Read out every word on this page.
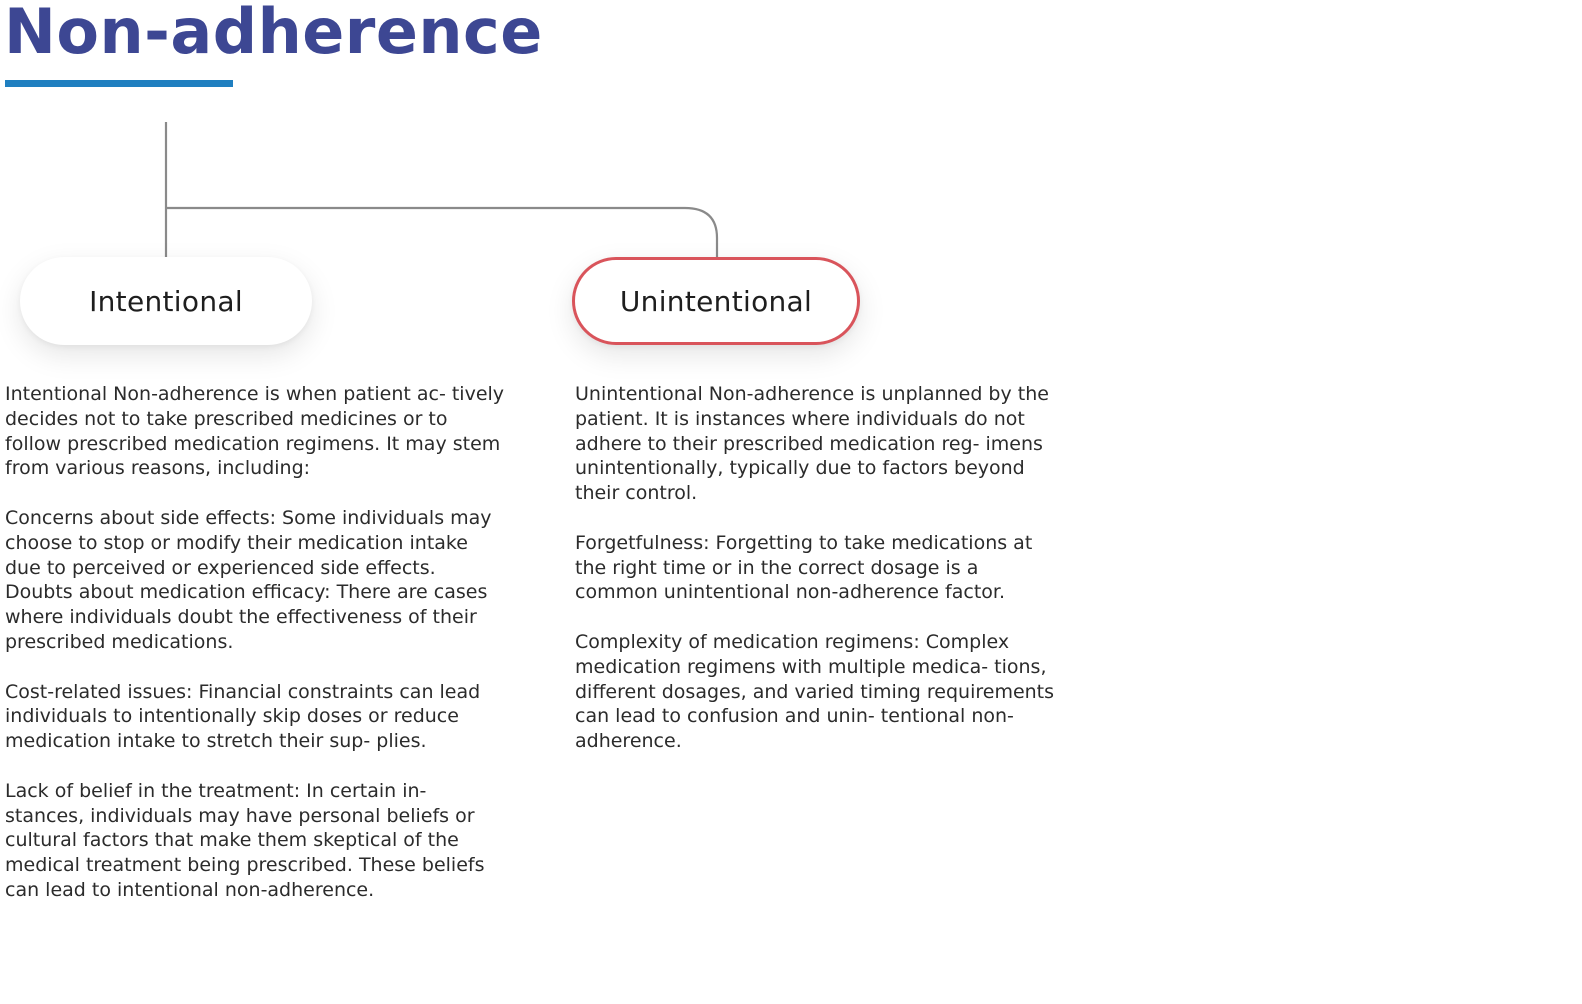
Non-adherence
Intentional	Unintentional

Intentional Non-adherence is when patient ac- tively decides not to take prescribed medicines or to follow prescribed medication regimens. It may stem from various reasons, including:

Concerns about side effects: Some individuals may choose to stop or modify their medication intake due to perceived or experienced side effects.

Doubts about medication efficacy: There are cases where individuals doubt the effectiveness of their prescribed medications.

Cost-related issues: Financial constraints can lead individuals to intentionally skip doses or reduce medication intake to stretch their sup- plies.

Lack of belief in the treatment: In certain in- stances, individuals may have personal beliefs or cultural factors that make them skeptical of the medical treatment being prescribed. These beliefs can lead to intentional non-adherence.

Unintentional Non-adherence is unplanned by the patient. It is instances where individuals do not adhere to their prescribed medication reg- imens unintentionally, typically due to factors beyond their control.

Forgetfulness: Forgetting to take medications at the right time or in the correct dosage is a common unintentional non-adherence factor.

Complexity of medication regimens: Complex medication regimens with multiple medica- tions, different dosages, and varied timing requirements can lead to confusion and unin- tentional non-adherence.
